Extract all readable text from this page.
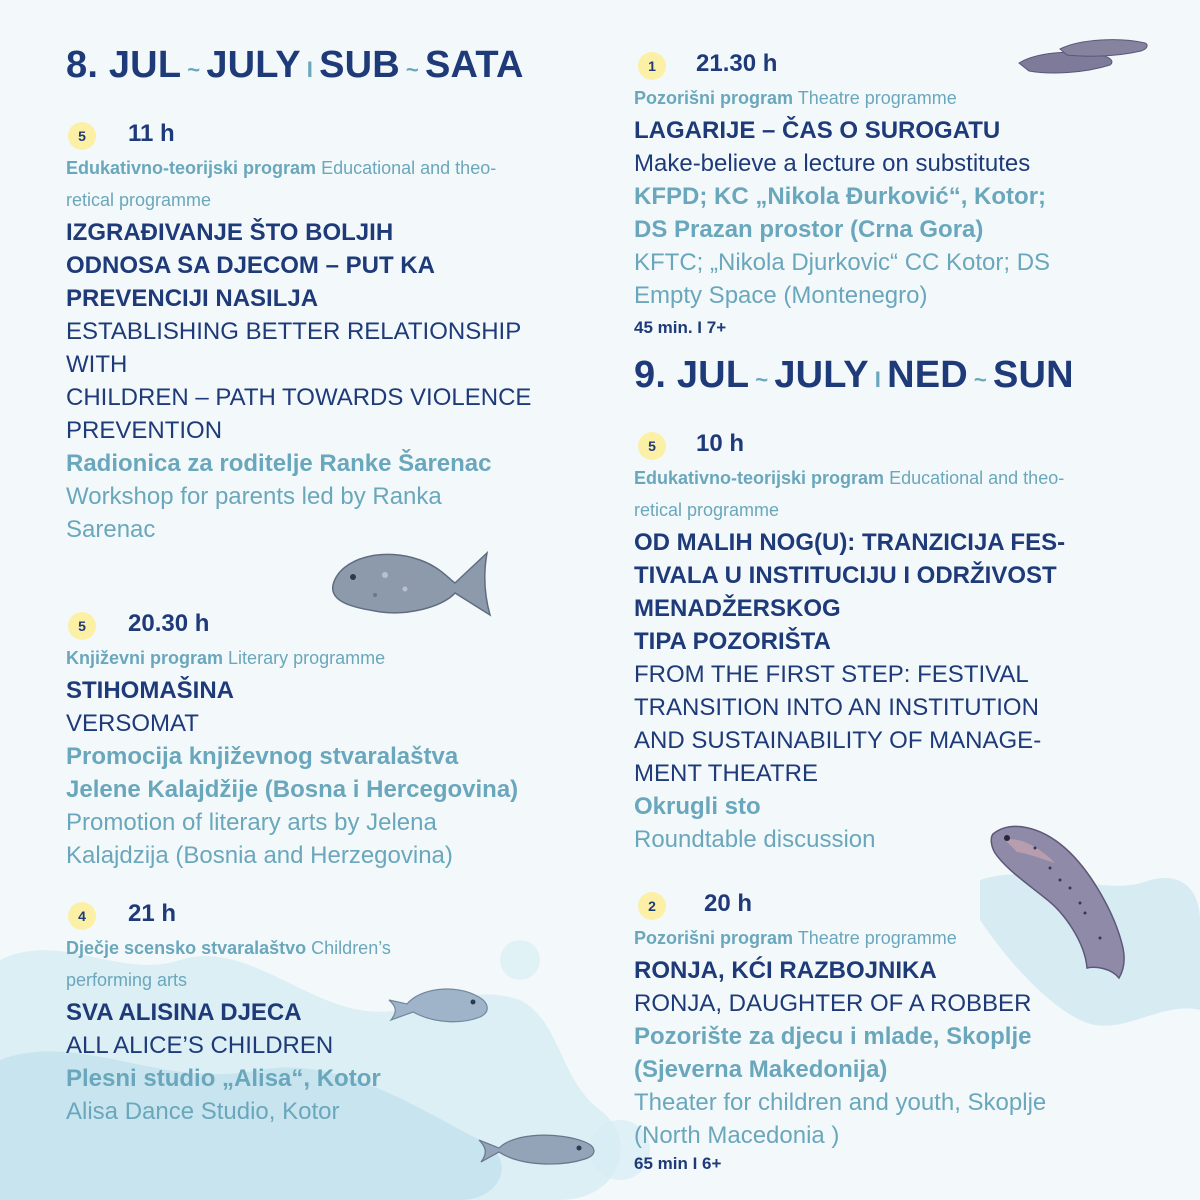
8. JUL ~ JULY I SUB ~ SATA
5	11 h
Edukativno-teorijski program Educational and theo-
retical programme
IZGRAĐIVANJE ŠTO BOLJIH
ODNOSA SA DJECOM – PUT KA
PREVENCIJI NASILJA
ESTABLISHING BETTER RELATIONSHIP
WITH
CHILDREN – PATH TOWARDS VIOLENCE
PREVENTION
Radionica za roditelje Ranke Šarenac
Workshop for parents led by Ranka
Sarenac
5	20.30 h
Književni program Literary programme
STIHOMAŠINA
VERSOMAT
Promocija književnog stvaralaštva
Jelene Kalajdžije (Bosna i Hercegovina)
Promotion of literary arts by Jelena
Kalajdzija (Bosnia and Herzegovina)
4	21 h
Dječje scensko stvaralaštvo Children’s
performing arts
SVA ALISINA DJECA
ALL ALICE’S CHILDREN
Plesni studio „Alisa“, Kotor
Alisa Dance Studio, Kotor
1	21.30 h
Pozorišni program Theatre programme
LAGARIJE – ČAS O SUROGATU
Make-believe a lecture on substitutes
KFPD; KC „Nikola Đurković“, Kotor;
DS Prazan prostor (Crna Gora)
KFTC; „Nikola Djurkovic“ CC Kotor; DS
Empty Space (Montenegro)
45 min. I 7+
9. JUL ~ JULY I NED ~ SUN
5	10 h
Edukativno-teorijski program Educational and theo-
retical programme
OD MALIH NOG(U): TRANZICIJA FES-
TIVALA U INSTITUCIJU I ODRŽIVOST
MENADŽERSKOG
TIPA POZORIŠTA
FROM THE FIRST STEP: FESTIVAL
TRANSITION INTO AN INSTITUTION
AND SUSTAINABILITY OF MANAGE-
MENT THEATRE
Okrugli sto
Roundtable discussion
2	20 h
Pozorišni program Theatre programme
RONJA, KĆI RAZBOJNIKA
RONJA, DAUGHTER OF A ROBBER
Pozorište za djecu i mlade, Skoplje
(Sjeverna Makedonija)
Theater for children and youth, Skoplje
(North Macedonia )
65 min I 6+
